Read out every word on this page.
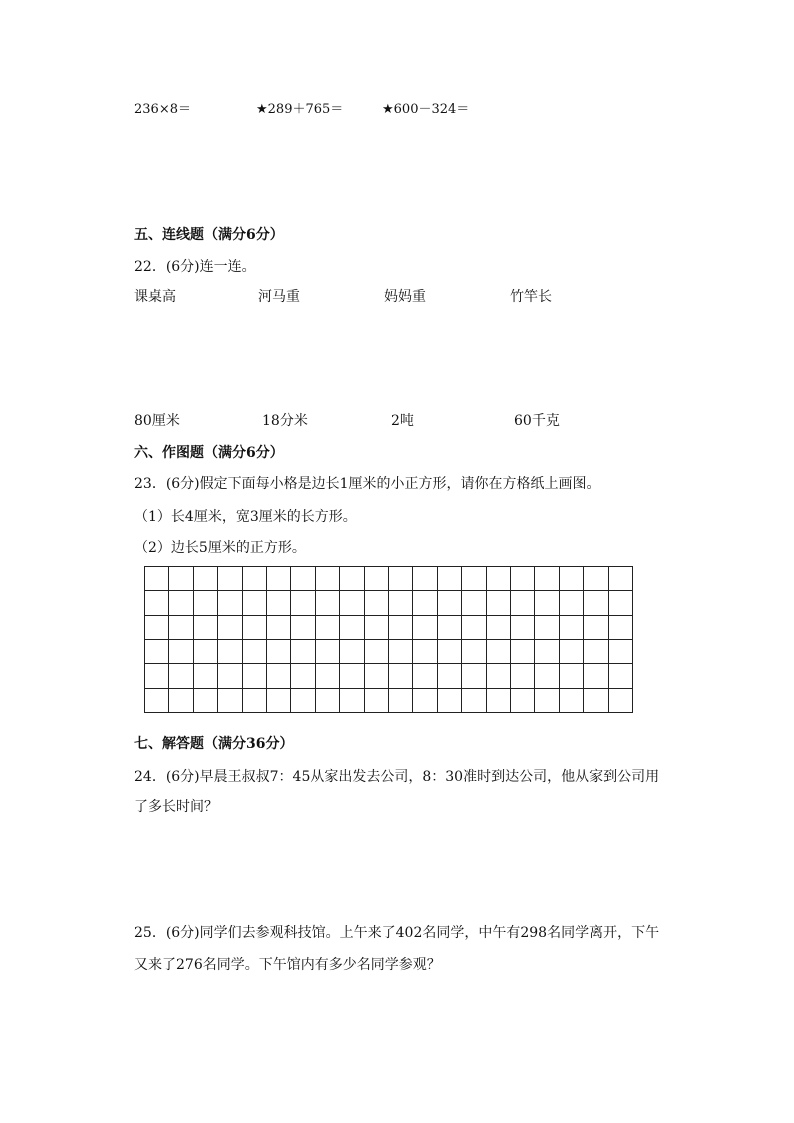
236×8＝	★289＋765＝	★600－324＝
五、连线题（满分6分）
22．(6分)连一连。
课桌高	河马重	妈妈重	竹竿长
80厘米	18分米	2吨	60千克
六、作图题（满分6分）
23．(6分)假定下面每小格是边长1厘米的小正方形，请你在方格纸上画图。
（1）长4厘米，宽3厘米的长方形。
（2）边长5厘米的正方形。
七、解答题（满分36分）
24．(6分)早晨王叔叔7：45从家出发去公司，8：30准时到达公司，他从家到公司用
了多长时间？
25．(6分)同学们去参观科技馆。上午来了402名同学，中午有298名同学离开，下午
又来了276名同学。下午馆内有多少名同学参观？
